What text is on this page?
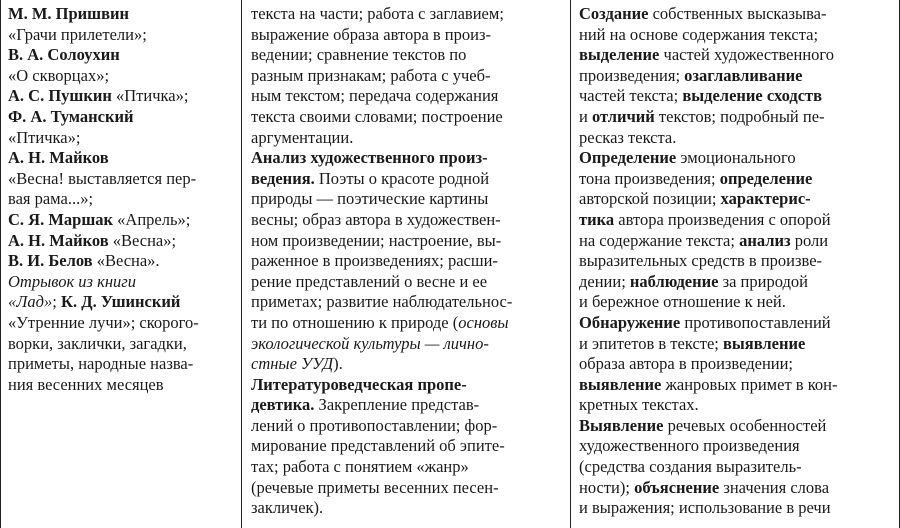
М. М. Пришвин
«Грачи прилетели»;
В. А. Солоухин
«О скворцах»;
А. С. Пушкин «Птичка»;
Ф. А. Туманский
«Птичка»;
А. Н. Майков
«Весна! выставляется пер-
вая рама...»;
С. Я. Маршак «Апрель»;
А. Н. Майков «Весна»;
В. И. Белов «Весна».
Отрывок из книги
«Лад»; К. Д. Ушинский
«Утренние лучи»; скорого-
ворки, заклички, загадки,
приметы, народные назва-
ния весенних месяцев
текста на части; работа с заглавием;
выражение образа автора в произ-
ведении; сравнение текстов по
разным признакам; работа с учеб-
ным текстом; передача содержания
текста своими словами; построение
аргументации.
Анализ художественного произ-
ведения. Поэты о красоте родной
природы — поэтические картины
весны; образ автора в художествен-
ном произведении; настроение, вы-
раженное в произведениях; расши-
рение представлений о весне и ее
приметах; развитие наблюдательнос-
ти по отношению к природе (основы
экологической культуры — лично-
стные УУД).
Литературоведческая пропе-
девтика. Закрепление представ-
лений о противопоставлении; фор-
мирование представлений об эпите-
тах; работа с понятием «жанр»
(речевые приметы весенних песен-
закличек).
Создание собственных высказыва-
ний на основе содержания текста;
выделение частей художественного
произведения; озаглавливание
частей текста; выделение сходств
и отличий текстов; подробный пе-
ресказ текста.
Определение эмоционального
тона произведения; определение
авторской позиции; характерис-
тика автора произведения с опорой
на содержание текста; анализ роли
выразительных средств в произве-
дении; наблюдение за природой
и бережное отношение к ней.
Обнаружение противопоставлений
и эпитетов в тексте; выявление
образа автора в произведении;
выявление жанровых примет в кон-
кретных текстах.
Выявление речевых особенностей
художественного произведения
(средства создания выразитель-
ности); объяснение значения слова
и выражения; использование в речи
